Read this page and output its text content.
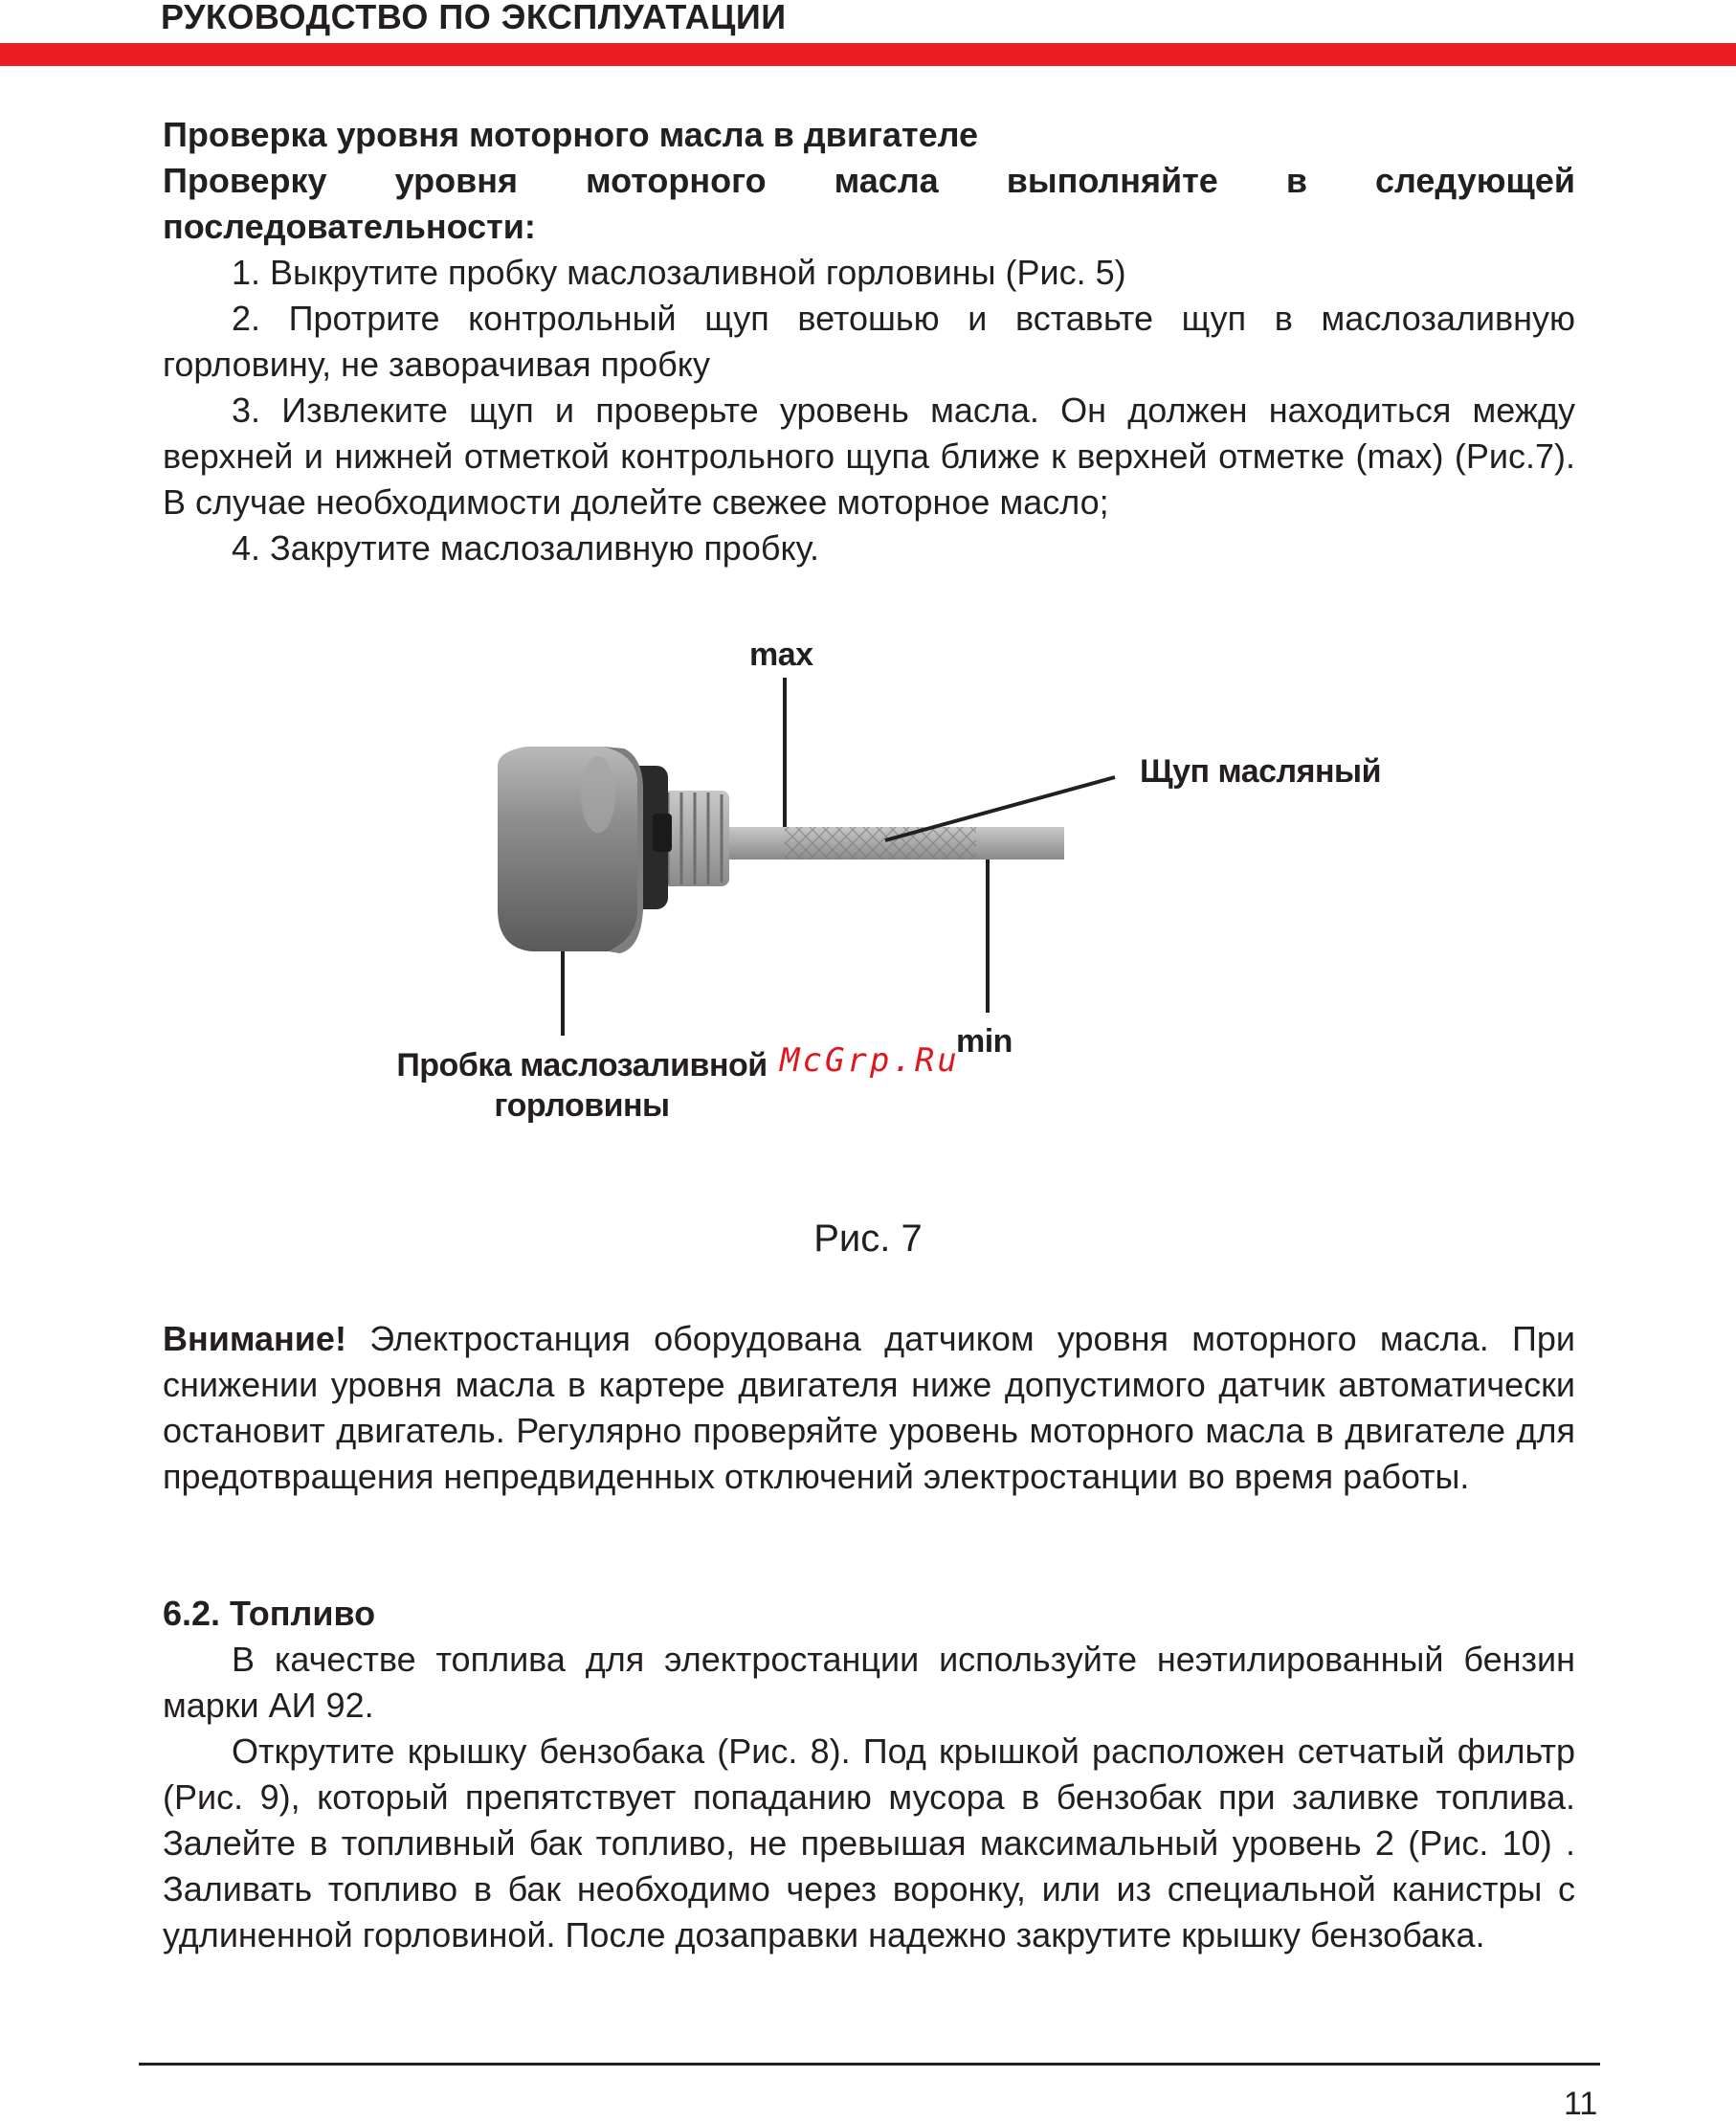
РУКОВОДСТВО ПО ЭКСПЛУАТАЦИИ

Проверка уровня моторного масла в двигателе

Проверку уровня моторного масла выполняйте в следующей последовательности:

1. Выкрутите пробку маслозаливной горловины (Рис. 5)

2. Протрите контрольный щуп ветошью и вставьте щуп в маслозаливную горловину, не заворачивая пробку

3. Извлеките щуп и проверьте уровень масла. Он должен находиться между верхней и нижней отметкой контрольного щупа ближе к верхней отметке (max) (Рис.7). В случае необходимости долейте свежее моторное масло;

4. Закрутите маслозаливную пробку.

max
Щуп масляный
min
Пробка маслозаливной горловины
McGrp.Ru
Рис. 7

Внимание! Электростанция оборудована датчиком уровня моторного масла. При снижении уровня масла в картере двигателя ниже допустимого датчик автоматически остановит двигатель. Регулярно проверяйте уровень моторного масла в двигателе для предотвращения непредвиденных отключений электростанции во время работы.

6.2. Топливо

В качестве топлива для электростанции используйте неэтилированный бензин марки АИ 92.

Открутите крышку бензобака (Рис. 8). Под крышкой расположен сетчатый фильтр (Рис. 9), который препятствует попаданию мусора в бензобак при заливке топлива. Залейте в топливный бак топливо, не превышая максимальный уровень 2 (Рис. 10) . Заливать топливо в бак необходимо через воронку, или из специальной канистры с удлиненной горловиной. После дозаправки надежно закрутите крышку бензобака.

11
